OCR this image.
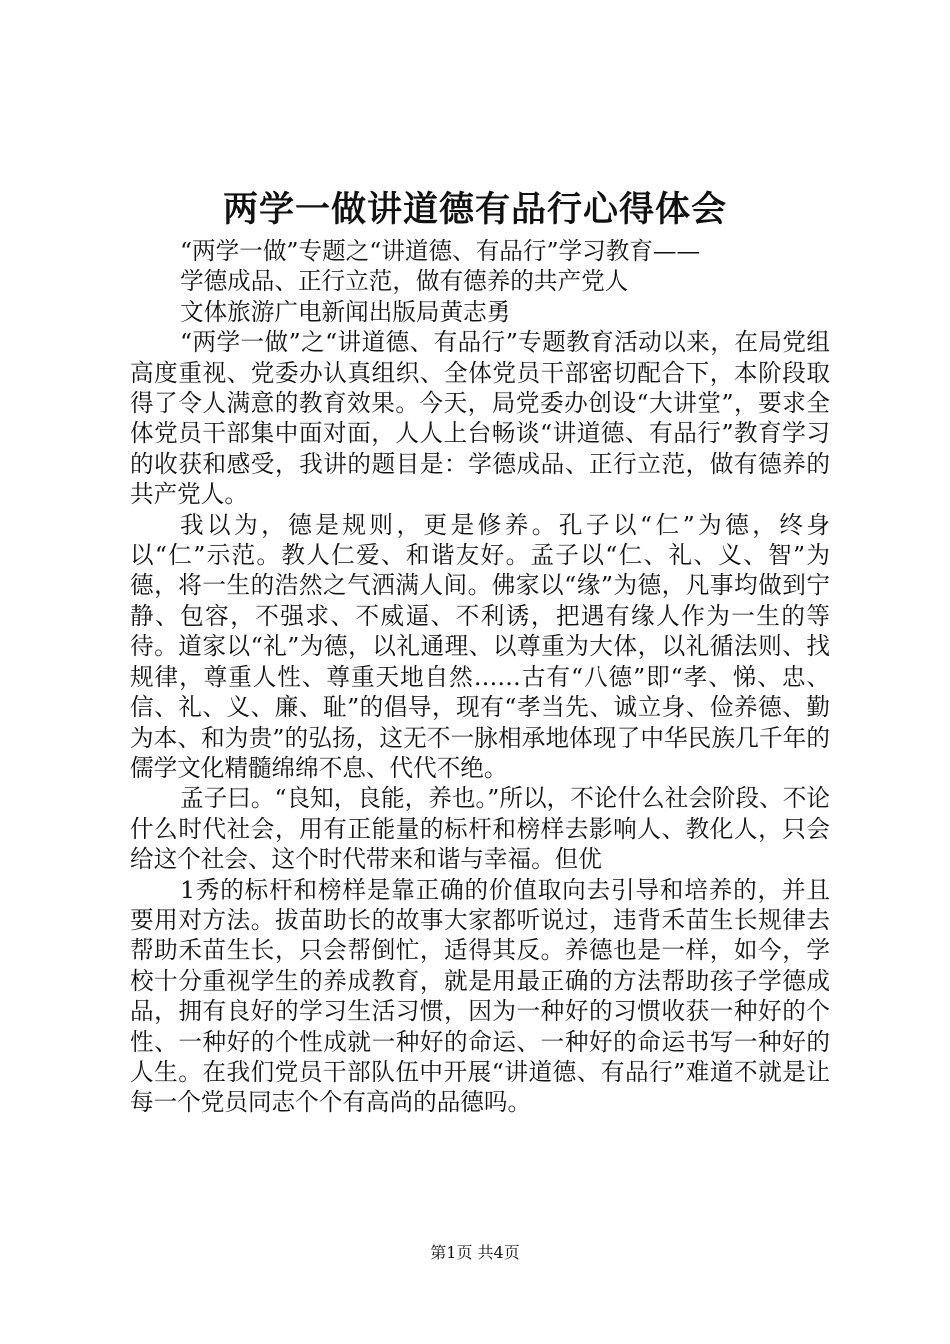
两学一做讲道德有品行心得体会

“两学一做”专题之“讲道德、有品行”学习教育——

学德成品、正行立范，做有德养的共产党人

文体旅游广电新闻出版局黄志勇

“两学一做”之“讲道德、有品行”专题教育活动以来，在局党组高度重视、党委办认真组织、全体党员干部密切配合下，本阶段取得了令人满意的教育效果。今天，局党委办创设“大讲堂”，要求全体党员干部集中面对面，人人上台畅谈“讲道德、有品行”教育学习的收获和感受，我讲的题目是：学德成品、正行立范，做有德养的共产党人。

我以为，德是规则，更是修养。孔子以“仁”为德，终身以“仁”示范。教人仁爱、和谐友好。孟子以“仁、礼、义、智”为德，将一生的浩然之气洒满人间。佛家以“缘”为德，凡事均做到宁静、包容，不强求、不威逼、不利诱，把遇有缘人作为一生的等待。道家以“礼”为德，以礼通理、以尊重为大体，以礼循法则、找规律，尊重人性、尊重天地自然……古有“八德”即“孝、悌、忠、信、礼、义、廉、耻”的倡导，现有“孝当先、诚立身、俭养德、勤为本、和为贵”的弘扬，这无不一脉相承地体现了中华民族几千年的儒学文化精髓绵绵不息、代代不绝。

孟子曰。“良知，良能，养也。”所以，不论什么社会阶段、不论什么时代社会，用有正能量的标杆和榜样去影响人、教化人，只会给这个社会、这个时代带来和谐与幸福。但优

1秀的标杆和榜样是靠正确的价值取向去引导和培养的，并且要用对方法。拔苗助长的故事大家都听说过，违背禾苗生长规律去帮助禾苗生长，只会帮倒忙，适得其反。养德也是一样，如今，学校十分重视学生的养成教育，就是用最正确的方法帮助孩子学德成品，拥有良好的学习生活习惯，因为一种好的习惯收获一种好的个性、一种好的个性成就一种好的命运、一种好的命运书写一种好的人生。在我们党员干部队伍中开展“讲道德、有品行”难道不就是让每一个党员同志个个有高尚的品德吗。

第1页 共4页
